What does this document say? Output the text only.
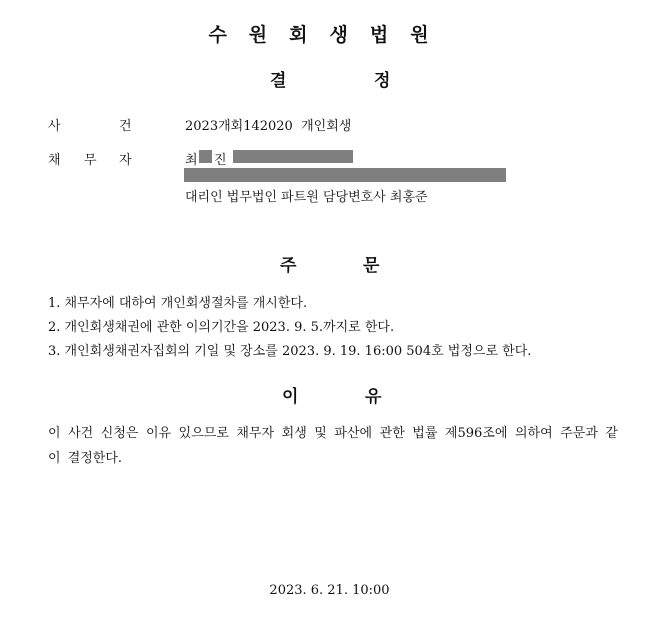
수원회생법원
결	정
사	건	2023개회142020  개인회생
채 무 자	최 진
대리인 법무법인 파트원 담당변호사 최홍준
주	문
1. 채무자에 대하여 개인회생절차를 개시한다.
2. 개인회생채권에 관한 이의기간을 2023. 9. 5.까지로 한다.
3. 개인회생채권자집회의 기일 및 장소를 2023. 9. 19. 16:00 504호 법정으로 한다.
이	유
이 사건 신청은 이유 있으므로 채무자 회생 및 파산에 관한 법률 제596조에 의하여 주문과 같이 결정한다.
2023. 6. 21. 10:00
